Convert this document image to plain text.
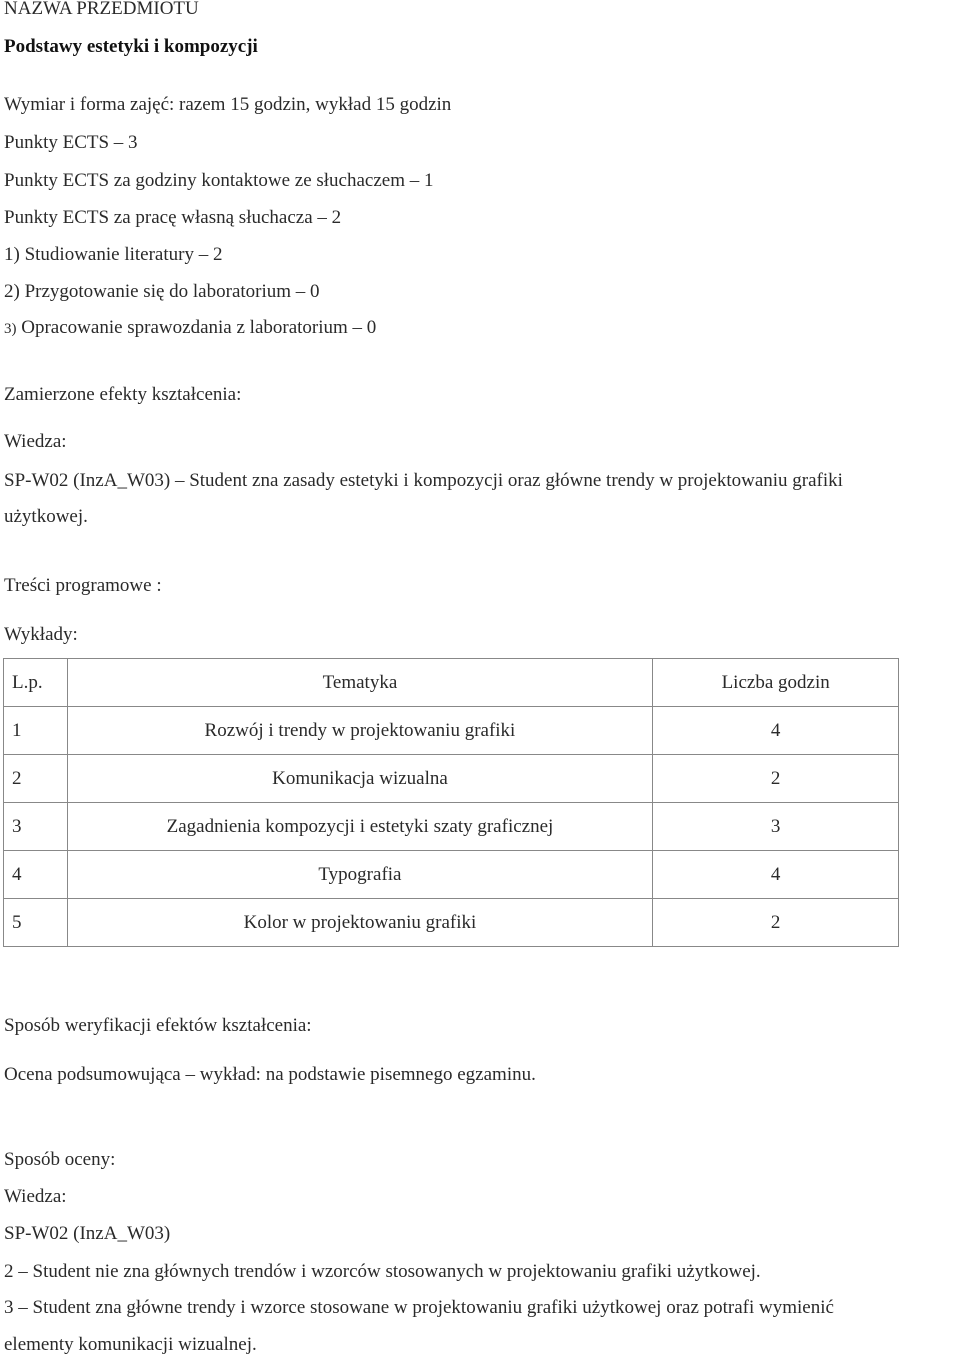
NAZWA PRZEDMIOTU
Podstawy estetyki i kompozycji
Wymiar i forma zajęć: razem 15 godzin, wykład 15 godzin
Punkty ECTS – 3
Punkty ECTS za godziny kontaktowe ze słuchaczem – 1
Punkty ECTS za pracę własną słuchacza – 2
1) Studiowanie literatury – 2
2) Przygotowanie się do laboratorium – 0
3) Opracowanie sprawozdania z laboratorium – 0
Zamierzone efekty kształcenia:
Wiedza:
SP-W02 (InzA_W03) – Student zna zasady estetyki i kompozycji oraz główne trendy w projektowaniu grafiki
użytkowej.
Treści programowe :
Wykłady:
L.p.	Tematyka	Liczba godzin
1	Rozwój i trendy w projektowaniu grafiki	4
2	Komunikacja wizualna	2
3	Zagadnienia kompozycji i estetyki szaty graficznej	3
4	Typografia	4
5	Kolor w projektowaniu grafiki	2
Sposób weryfikacji efektów kształcenia:
Ocena podsumowująca – wykład: na podstawie pisemnego egzaminu.
Sposób oceny:
Wiedza:
SP-W02 (InzA_W03)
2 – Student nie zna głównych trendów i wzorców stosowanych w projektowaniu grafiki użytkowej.
3 – Student zna główne trendy i wzorce stosowane w projektowaniu grafiki użytkowej oraz potrafi wymienić
elementy komunikacji wizualnej.
